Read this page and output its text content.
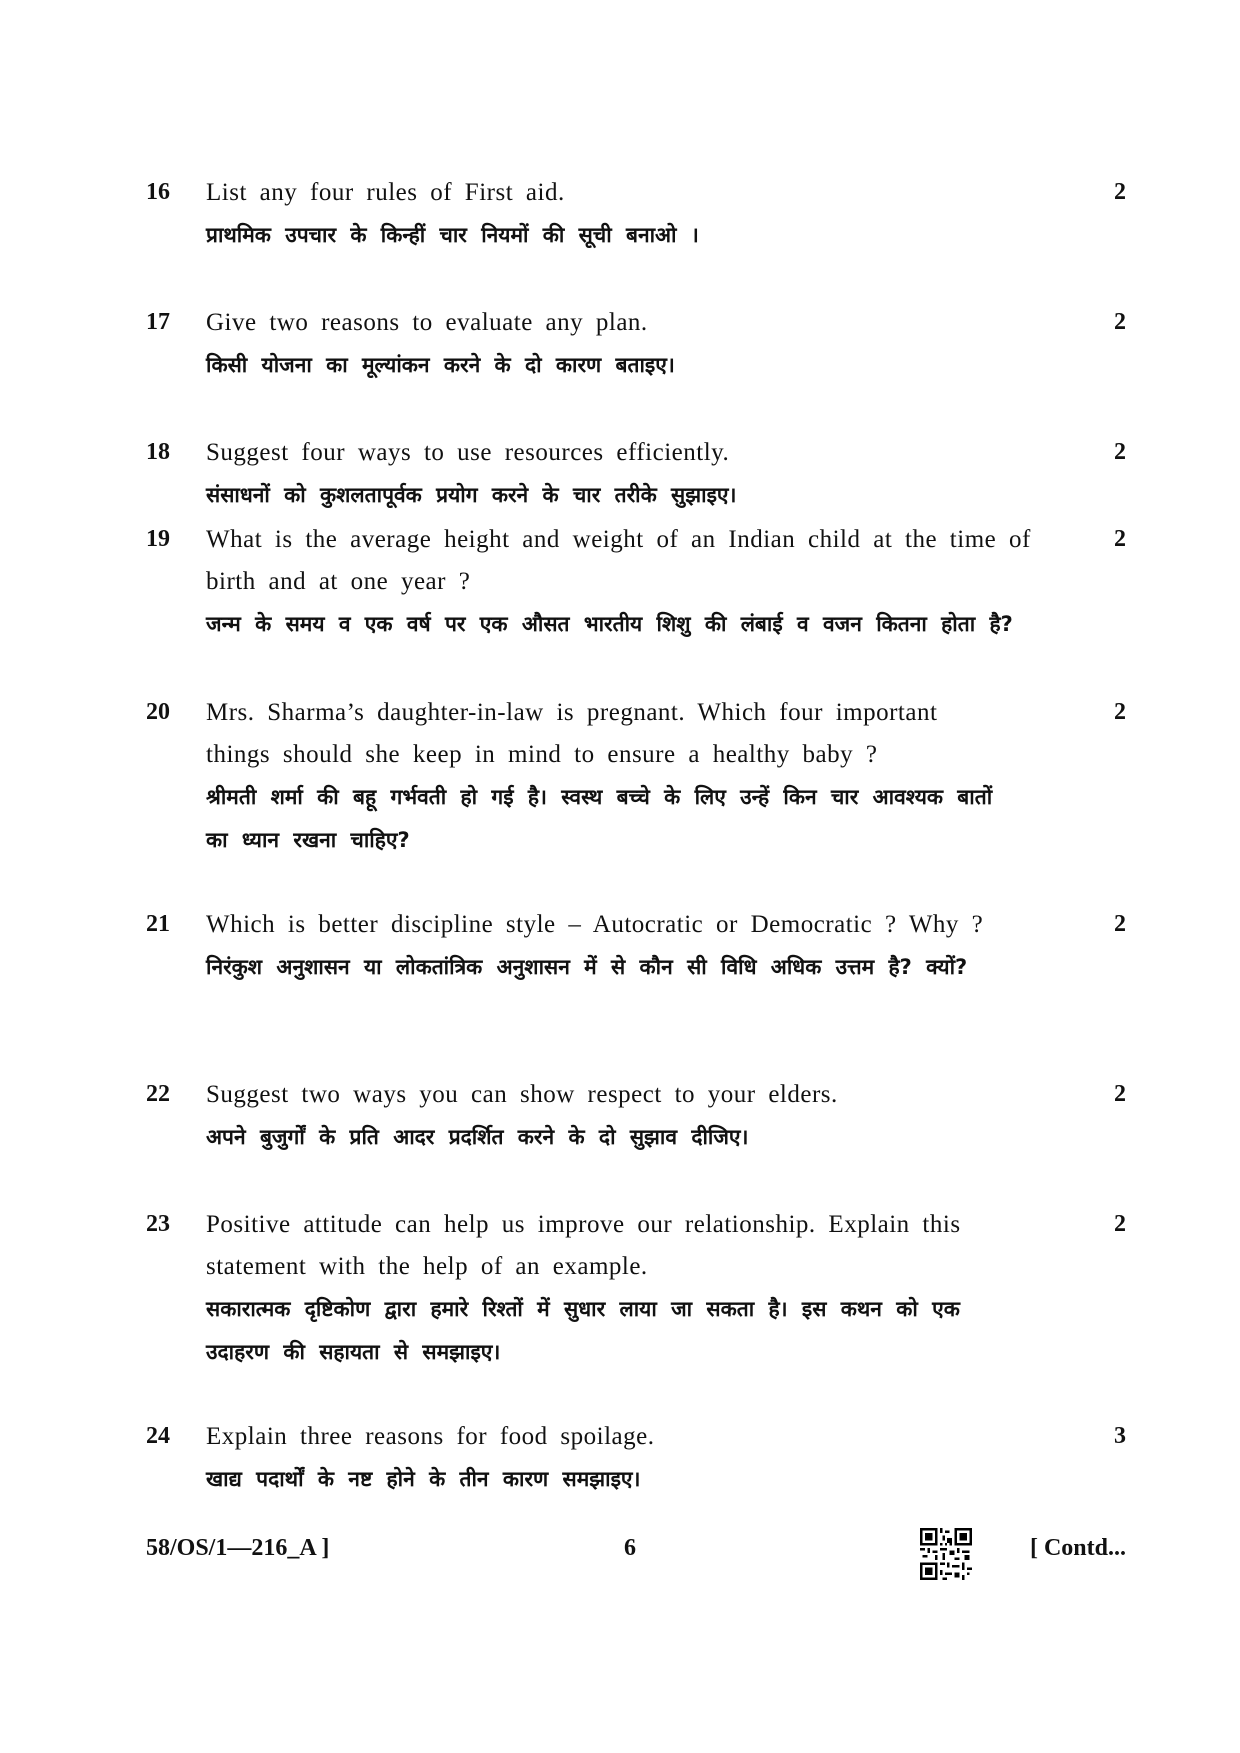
16 List any four rules of First aid.

प्राथमिक उपचार के किन्हीं चार नियमों की सूची बनाओ ।

2
17 Give two reasons to evaluate any plan.

किसी योजना का मूल्यांकन करने के दो कारण बताइए।

2
18 Suggest four ways to use resources efficiently.

संसाधनों को कुशलतापूर्वक प्रयोग करने के चार तरीके सुझाइए।

2
19 What is the average height and weight of an Indian child at the time of birth and at one year ?

जन्म के समय व एक वर्ष पर एक औसत भारतीय शिशु की लंबाई व वजन कितना होता है?

2
20 Mrs. Sharma’s daughter-in-law is pregnant. Which four important things should she keep in mind to ensure a healthy baby ?

श्रीमती शर्मा की बहू गर्भवती हो गई है। स्वस्थ बच्चे के लिए उन्हें किन चार आवश्यक बातों का ध्यान रखना चाहिए?

2
21 Which is better discipline style – Autocratic or Democratic ? Why ?

निरंकुश अनुशासन या लोकतांत्रिक अनुशासन में से कौन सी विधि अधिक उत्तम है? क्यों?

2
22 Suggest two ways you can show respect to your elders.

अपने बुजुर्गों के प्रति आदर प्रदर्शित करने के दो सुझाव दीजिए।

2
23 Positive attitude can help us improve our relationship. Explain this statement with the help of an example.

सकारात्मक दृष्टिकोण द्वारा हमारे रिश्तों में सुधार लाया जा सकता है। इस कथन को एक उदाहरण की सहायता से समझाइए।

2
24 Explain three reasons for food spoilage.

खाद्य पदार्थों के नष्ट होने के तीन कारण समझाइए।

3
58/OS/1—216_A ]	6	[ Contd...
